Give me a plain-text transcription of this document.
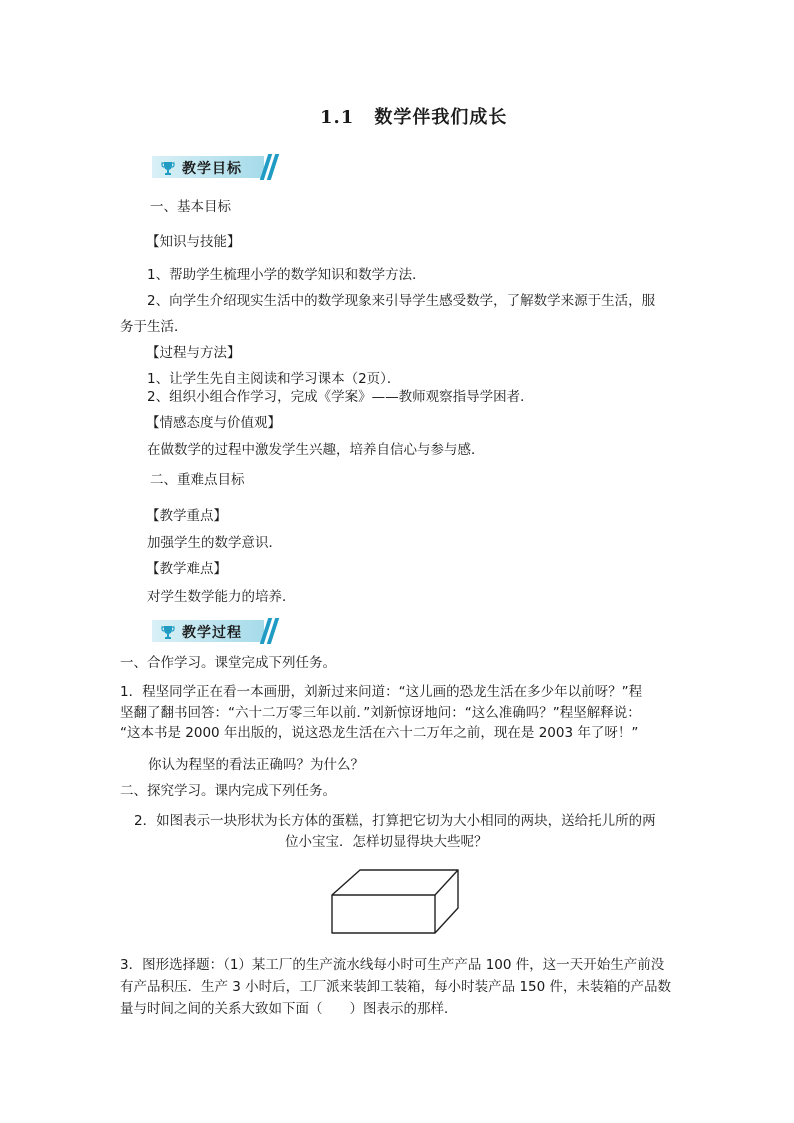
1.1 数学伴我们成长
教学目标
一、基本目标
【知识与技能】
1、帮助学生梳理小学的数学知识和数学方法．
2、向学生介绍现实生活中的数学现象来引导学生感受数学，了解数学来源于生活，服
务于生活．
【过程与方法】
1、让学生先自主阅读和学习课本（2页）．
2、组织小组合作学习，完成《学案》——教师观察指导学困者．
【情感态度与价值观】
在做数学的过程中激发学生兴趣，培养自信心与参与感．
二、重难点目标
【教学重点】
加强学生的数学意识．
【教学难点】
对学生数学能力的培养．
教学过程
一、合作学习。课堂完成下列任务。
1．程坚同学正在看一本画册，刘新过来问道：“这儿画的恐龙生活在多少年以前呀？”程
坚翻了翻书回答：“六十二万零三年以前．”刘新惊讶地问：“这么准确吗？”程坚解释说：
“这本书是 2000 年出版的，说这恐龙生活在六十二万年之前，现在是 2003 年了呀！”
你认为程坚的看法正确吗？为什么？
二、探究学习。课内完成下列任务。
2．如图表示一块形状为长方体的蛋糕，打算把它切为大小相同的两块，送给托儿所的两
位小宝宝．怎样切显得块大些呢？
3．图形选择题：（1）某工厂的生产流水线每小时可生产产品 100 件，这一天开始生产前没
有产品积压．生产 3 小时后，工厂派来装卸工装箱，每小时装产品 150 件，未装箱的产品数
量与时间之间的关系大致如下面（　　）图表示的那样．
